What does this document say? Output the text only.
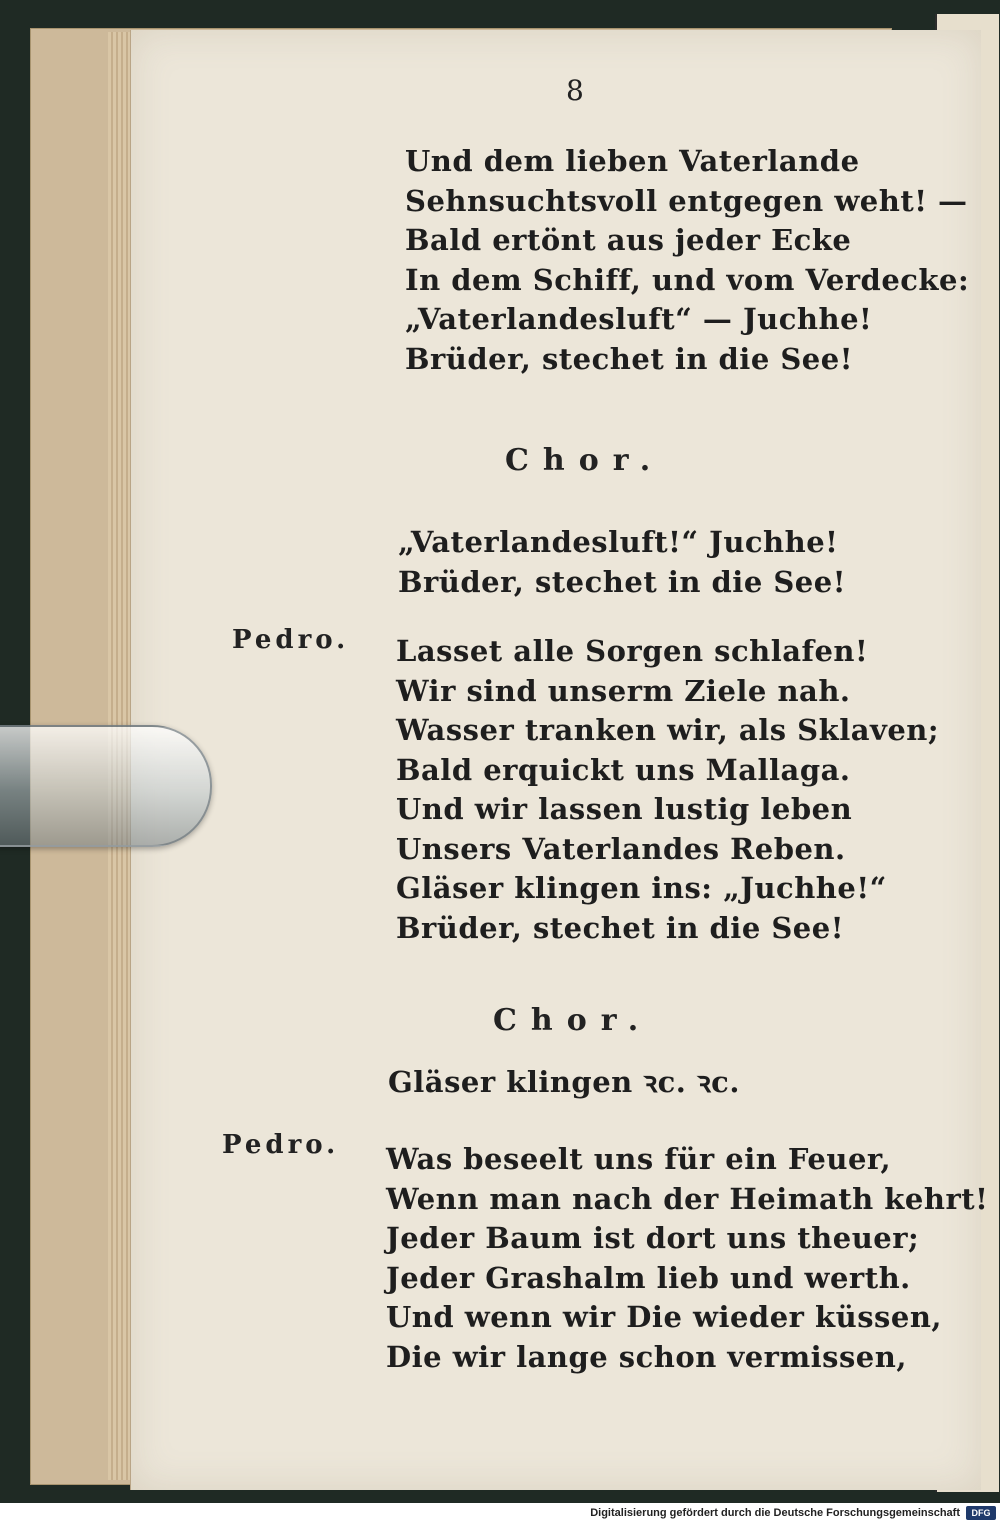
8
Und dem lieben Vaterlande
Sehnsuchtsvoll entgegen weht! —
Bald ertönt aus jeder Ecke
In dem Schiff, und vom Verdecke:
„Vaterlandesluft“ — Juchhe!
Brüder, stechet in die See!
Chor.
„Vaterlandesluft!“ Juchhe!
Brüder, stechet in die See!
Pedro. Lasset alle Sorgen schlafen!
Wir sind unserm Ziele nah.
Wasser tranken wir, als Sklaven;
Bald erquickt uns Mallaga.
Und wir lassen lustig leben
Unsers Vaterlandes Reben.
Gläser klingen ins: „Juchhe!“
Brüder, stechet in die See!
Chor.
Gläser klingen ꝛc. ꝛc.
Pedro. Was beseelt uns für ein Feuer,
Wenn man nach der Heimath kehrt!
Jeder Baum ist dort uns theuer;
Jeder Grashalm lieb und werth.
Und wenn wir Die wieder küssen,
Die wir lange schon vermissen,
Digitalisierung gefördert durch die Deutsche Forschungsgemeinschaft	DFG
